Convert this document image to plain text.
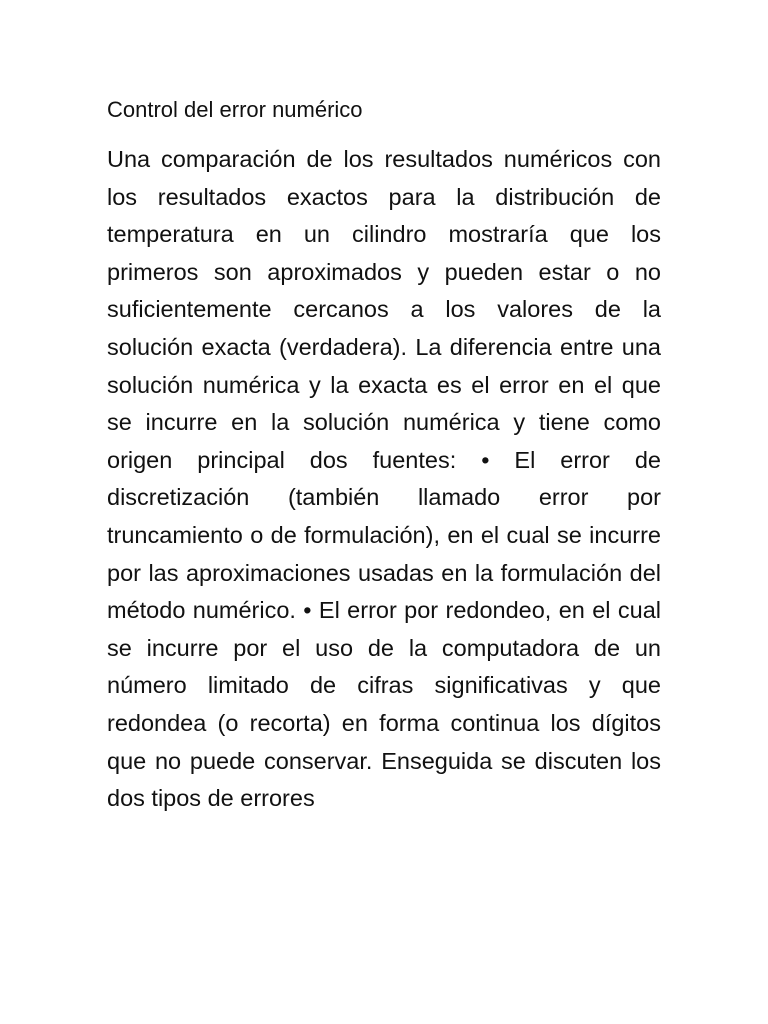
Control del error numérico

Una comparación de los resultados numéricos con los resultados exactos para la distribución de temperatura en un cilindro mostraría que los primeros son aproximados y pueden estar o no suficientemente cercanos a los valores de la solución exacta (verdadera). La diferencia entre una solución numérica y la exacta es el error en el que se incurre en la solución numérica y tiene como origen principal dos fuentes: • El error de discretización (también llamado error por truncamiento o de formulación), en el cual se incurre por las aproximaciones usadas en la formulación del método numérico. • El error por redondeo, en el cual se incurre por el uso de la computadora de un número limitado de cifras significativas y que redondea (o recorta) en forma continua los dígitos que no puede conservar. Enseguida se discuten los dos tipos de errores
